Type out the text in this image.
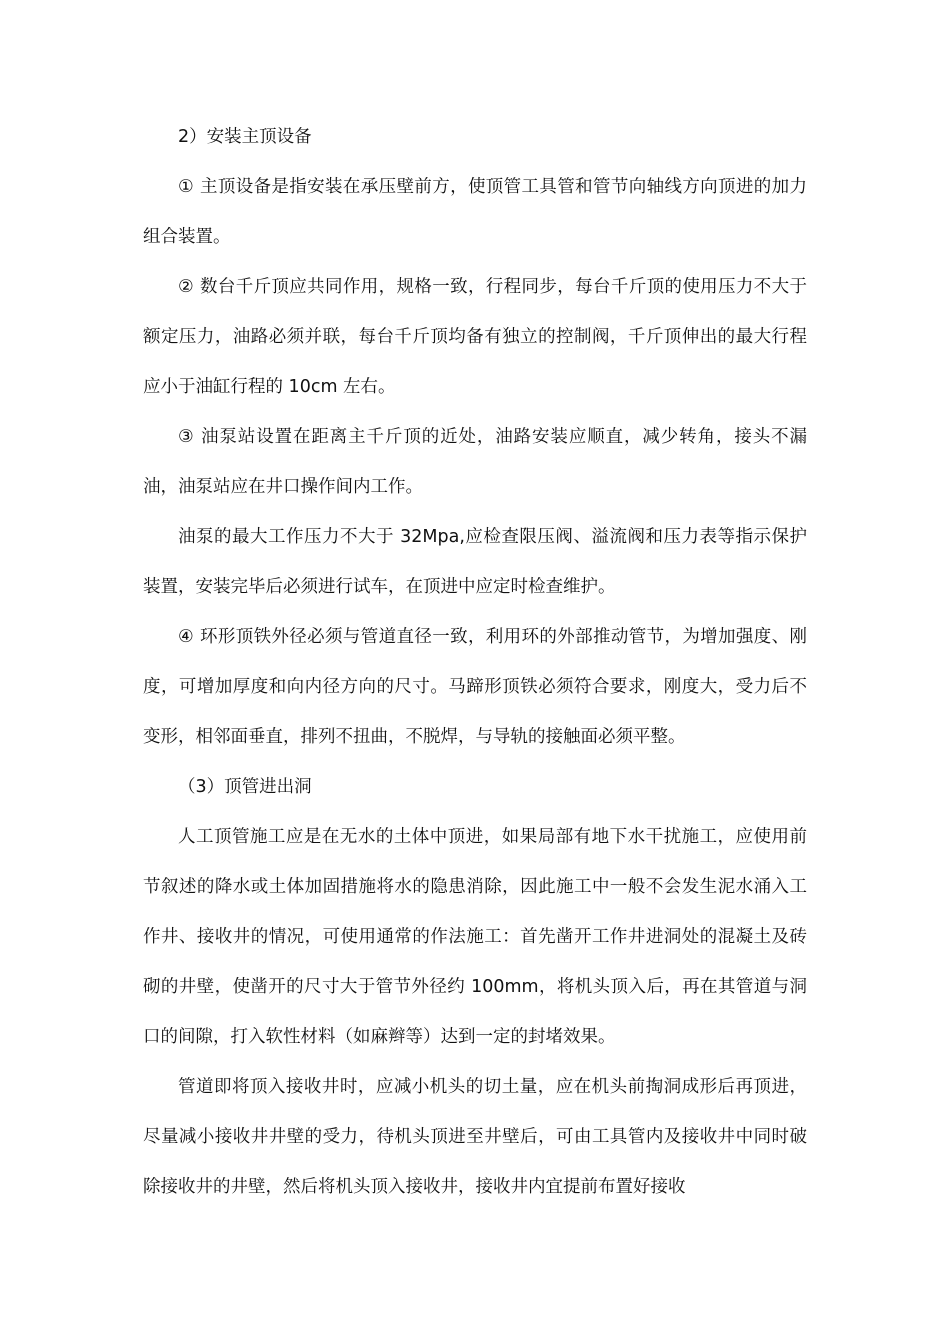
2）安装主顶设备

① 主顶设备是指安装在承压壁前方，使顶管工具管和管节向轴线方向顶进的加力组合装置。

② 数台千斤顶应共同作用，规格一致，行程同步，每台千斤顶的使用压力不大于额定压力，油路必须并联，每台千斤顶均备有独立的控制阀，千斤顶伸出的最大行程应小于油缸行程的 10cm 左右。

③ 油泵站设置在距离主千斤顶的近处，油路安装应顺直，减少转角，接头不漏油，油泵站应在井口操作间内工作。

油泵的最大工作压力不大于 32Mpa,应检查限压阀、溢流阀和压力表等指示保护装置，安装完毕后必须进行试车，在顶进中应定时检查维护。

④ 环形顶铁外径必须与管道直径一致，利用环的外部推动管节，为增加强度、刚度，可增加厚度和向内径方向的尺寸。马蹄形顶铁必须符合要求，刚度大，受力后不变形，相邻面垂直，排列不扭曲，不脱焊，与导轨的接触面必须平整。

（3）顶管进出洞

人工顶管施工应是在无水的土体中顶进，如果局部有地下水干扰施工，应使用前节叙述的降水或土体加固措施将水的隐患消除，因此施工中一般不会发生泥水涌入工作井、接收井的情况，可使用通常的作法施工：首先凿开工作井进洞处的混凝土及砖砌的井壁，使凿开的尺寸大于管节外径约 100mm，将机头顶入后，再在其管道与洞口的间隙，打入软性材料（如麻辫等）达到一定的封堵效果。

管道即将顶入接收井时，应减小机头的切土量，应在机头前掏洞成形后再顶进，尽量减小接收井井壁的受力，待机头顶进至井壁后，可由工具管内及接收井中同时破除接收井的井壁，然后将机头顶入接收井，接收井内宜提前布置好接收
